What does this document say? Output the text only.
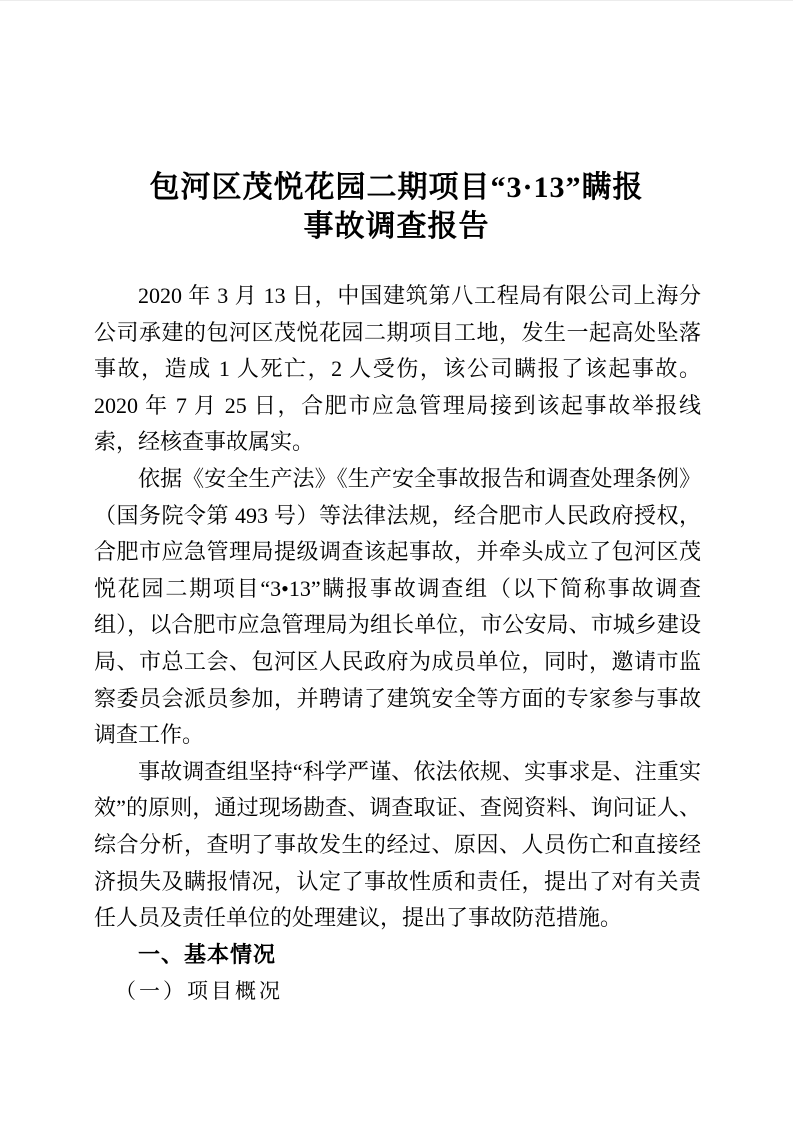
包河区茂悦花园二期项目“3·13”瞒报
事故调查报告

2020 年 3 月 13 日，中国建筑第八工程局有限公司上海分公司承建的包河区茂悦花园二期项目工地，发生一起高处坠落事故，造成 1 人死亡，2 人受伤，该公司瞒报了该起事故。2020 年 7 月 25 日，合肥市应急管理局接到该起事故举报线索，经核查事故属实。

依据《安全生产法》《生产安全事故报告和调查处理条例》（国务院令第 493 号）等法律法规，经合肥市人民政府授权，合肥市应急管理局提级调查该起事故，并牵头成立了包河区茂悦花园二期项目“3•13”瞒报事故调查组（以下简称事故调查组），以合肥市应急管理局为组长单位，市公安局、市城乡建设局、市总工会、包河区人民政府为成员单位，同时，邀请市监察委员会派员参加，并聘请了建筑安全等方面的专家参与事故调查工作。

事故调查组坚持“科学严谨、依法依规、实事求是、注重实效”的原则，通过现场勘查、调查取证、查阅资料、询问证人、综合分析，查明了事故发生的经过、原因、人员伤亡和直接经济损失及瞒报情况，认定了事故性质和责任，提出了对有关责任人员及责任单位的处理建议，提出了事故防范措施。

一、基本情况
（一）项目概况
